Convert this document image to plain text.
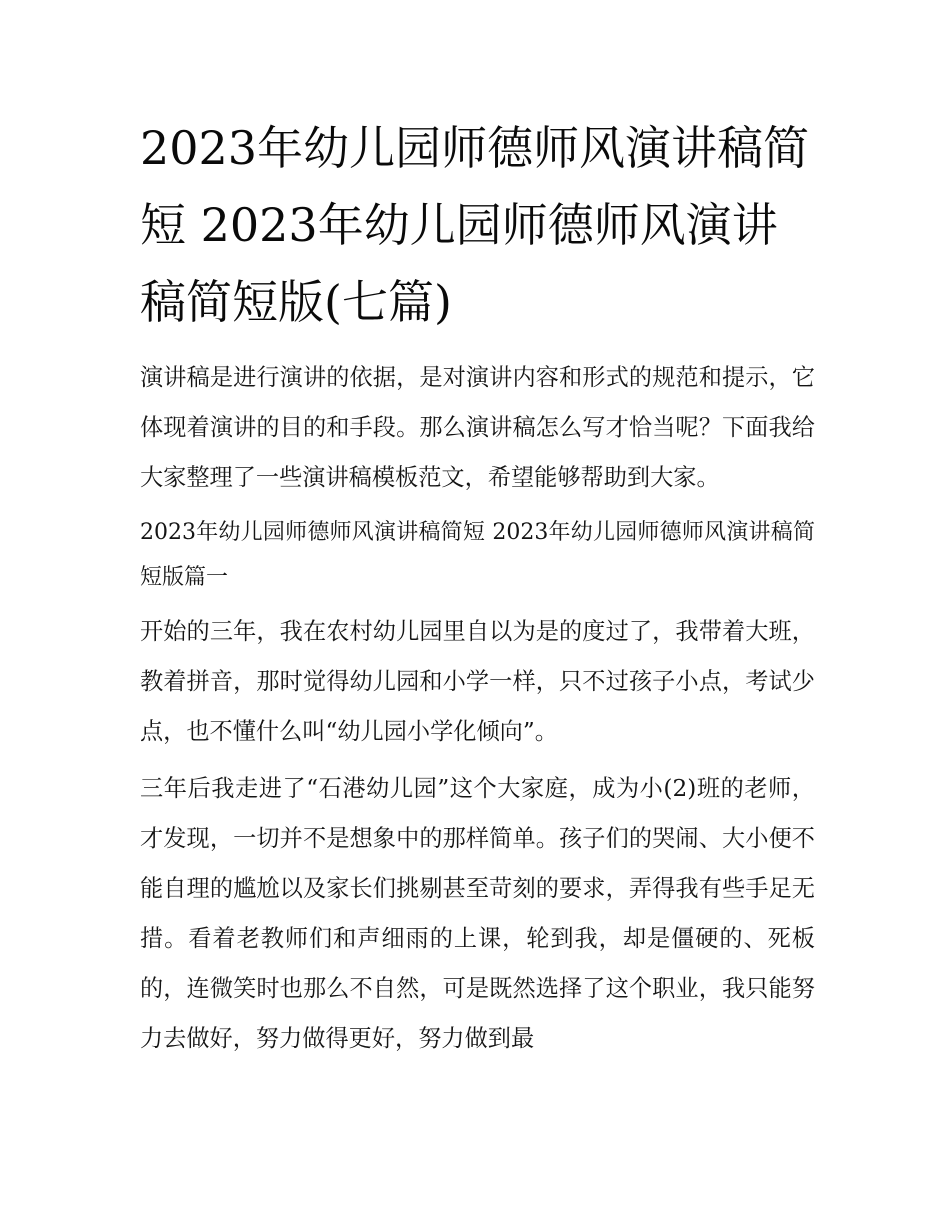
2023年幼儿园师德师风演讲稿简短 2023年幼儿园师德师风演讲稿简短版(七篇)

演讲稿是进行演讲的依据，是对演讲内容和形式的规范和提示，它体现着演讲的目的和手段。那么演讲稿怎么写才恰当呢？下面我给大家整理了一些演讲稿模板范文，希望能够帮助到大家。

2023年幼儿园师德师风演讲稿简短 2023年幼儿园师德师风演讲稿简短版篇一

开始的三年，我在农村幼儿园里自以为是的度过了，我带着大班，教着拼音，那时觉得幼儿园和小学一样，只不过孩子小点，考试少点，也不懂什么叫“幼儿园小学化倾向”。

三年后我走进了“石港幼儿园”这个大家庭，成为小(2)班的老师，才发现，一切并不是想象中的那样简单。孩子们的哭闹、大小便不能自理的尴尬以及家长们挑剔甚至苛刻的要求，弄得我有些手足无措。看着老教师们和声细雨的上课，轮到我，却是僵硬的、死板的，连微笑时也那么不自然，可是既然选择了这个职业，我只能努力去做好，努力做得更好，努力做到最
